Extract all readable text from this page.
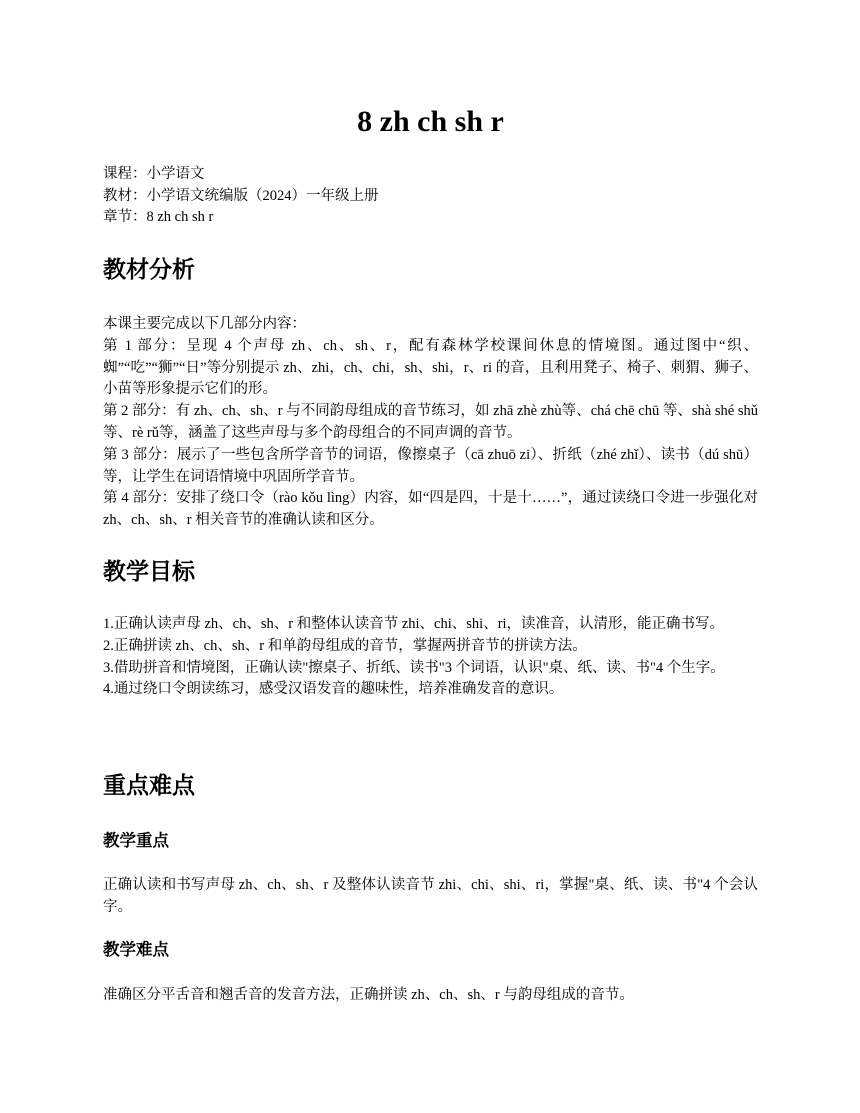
8 zh ch sh r
课程：小学语文
教材：小学语文统编版（2024）一年级上册
章节：8 zh ch sh r
教材分析

本课主要完成以下几部分内容：

第 1 部分：呈现 4 个声母 zh、ch、sh、r，配有森林学校课间休息的情境图。通过图中“织、蜘”“吃”“狮”“日”等分别提示 zh、zhi，ch、chi，sh、shi，r、ri 的音，且利用凳子、椅子、刺猬、狮子、小苗等形象提示它们的形。

第 2 部分：有 zh、ch、sh、r 与不同韵母组成的音节练习，如 zhā zhè zhù等、chá chē chū 等、shà shé shǔ等、rè rǔ等，涵盖了这些声母与多个韵母组合的不同声调的音节。

第 3 部分：展示了一些包含所学音节的词语，像擦桌子（cā zhuō zi）、折纸（zhé zhǐ）、读书（dú shū）等，让学生在词语情境中巩固所学音节。

第 4 部分：安排了绕口令（rào kǒu lìng）内容，如“四是四，十是十……”，通过读绕口令进一步强化对 zh、ch、sh、r 相关音节的准确认读和区分。

教学目标

1.正确认读声母 zh、ch、sh、r 和整体认读音节 zhi、chi、shi、ri，读准音，认清形，能正确书写。

2.正确拼读 zh、ch、sh、r 和单韵母组成的音节，掌握两拼音节的拼读方法。

3.借助拼音和情境图，正确认读"擦桌子、折纸、读书"3 个词语，认识"桌、纸、读、书"4 个生字。

4.通过绕口令朗读练习，感受汉语发音的趣味性，培养准确发音的意识。

重点难点
教学重点

正确认读和书写声母 zh、ch、sh、r 及整体认读音节 zhi、chi、shi、ri，掌握"桌、纸、读、书"4 个会认字。

教学难点

准确区分平舌音和翘舌音的发音方法，正确拼读 zh、ch、sh、r 与韵母组成的音节。
